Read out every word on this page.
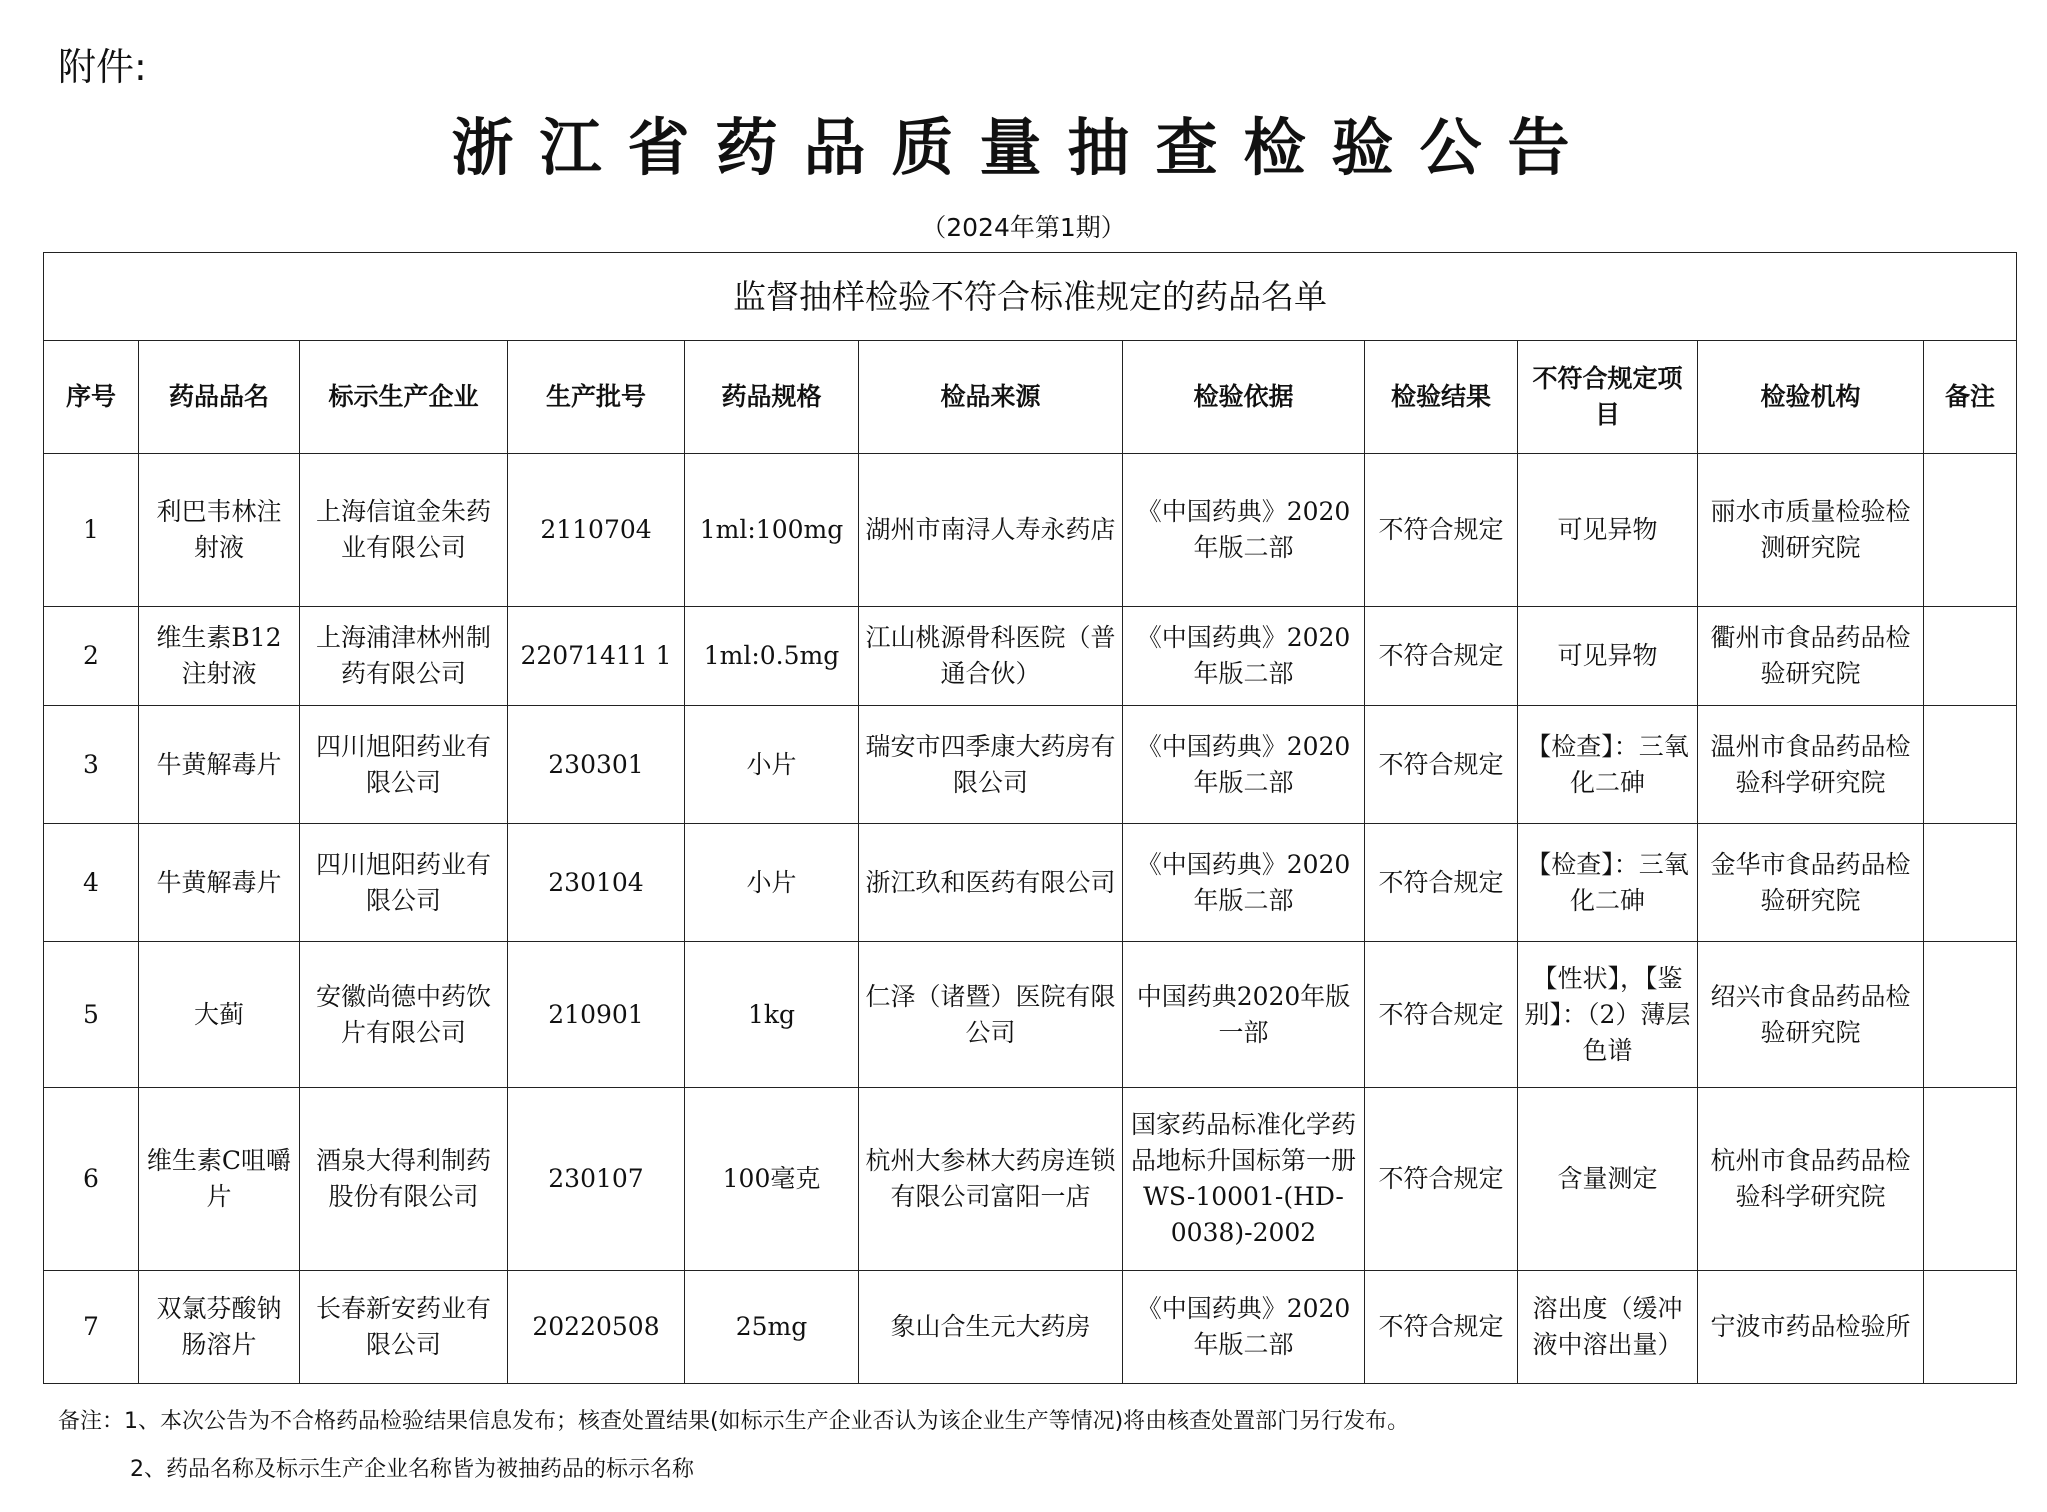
附件:
浙江省药品质量抽查检验公告
（2024年第1期）
监督抽样检验不符合标准规定的药品名单										
序号	药品品名	标示生产企业	生产批号	药品规格	检品来源	检验依据	检验结果	不符合规定项目	检验机构	备注
1	利巴韦林注射液	上海信谊金朱药业有限公司	2110704	1ml:100mg	湖州市南浔人寿永药店	《中国药典》2020年版二部	不符合规定	可见异物	丽水市质量检验检测研究院	
2	维生素B12注射液	上海浦津林州制药有限公司	22071411 1	1ml:0.5mg	江山桃源骨科医院（普通合伙）	《中国药典》2020年版二部	不符合规定	可见异物	衢州市食品药品检验研究院	
3	牛黄解毒片	四川旭阳药业有限公司	230301	小片	瑞安市四季康大药房有限公司	《中国药典》2020年版二部	不符合规定	【检查】：三氧化二砷	温州市食品药品检验科学研究院	
4	牛黄解毒片	四川旭阳药业有限公司	230104	小片	浙江玖和医药有限公司	《中国药典》2020年版二部	不符合规定	【检查】：三氧化二砷	金华市食品药品检验研究院	
5	大蓟	安徽尚德中药饮片有限公司	210901	1kg	仁泽（诸暨）医院有限公司	中国药典2020年版一部	不符合规定	【性状】，【鉴别】：（2）薄层色谱	绍兴市食品药品检验研究院	
6	维生素C咀嚼片	酒泉大得利制药股份有限公司	230107	100毫克	杭州大参林大药房连锁有限公司富阳一店	国家药品标准化学药品地标升国标第一册WS-10001-(HD-0038)-2002	不符合规定	含量测定	杭州市食品药品检验科学研究院	
7	双氯芬酸钠肠溶片	长春新安药业有限公司	20220508	25mg	象山合生元大药房	《中国药典》2020年版二部	不符合规定	溶出度（缓冲液中溶出量）	宁波市药品检验所	
备注：1、本次公告为不合格药品检验结果信息发布；核查处置结果(如标示生产企业否认为该企业生产等情况)将由核查处置部门另行发布。
2、药品名称及标示生产企业名称皆为被抽药品的标示名称
